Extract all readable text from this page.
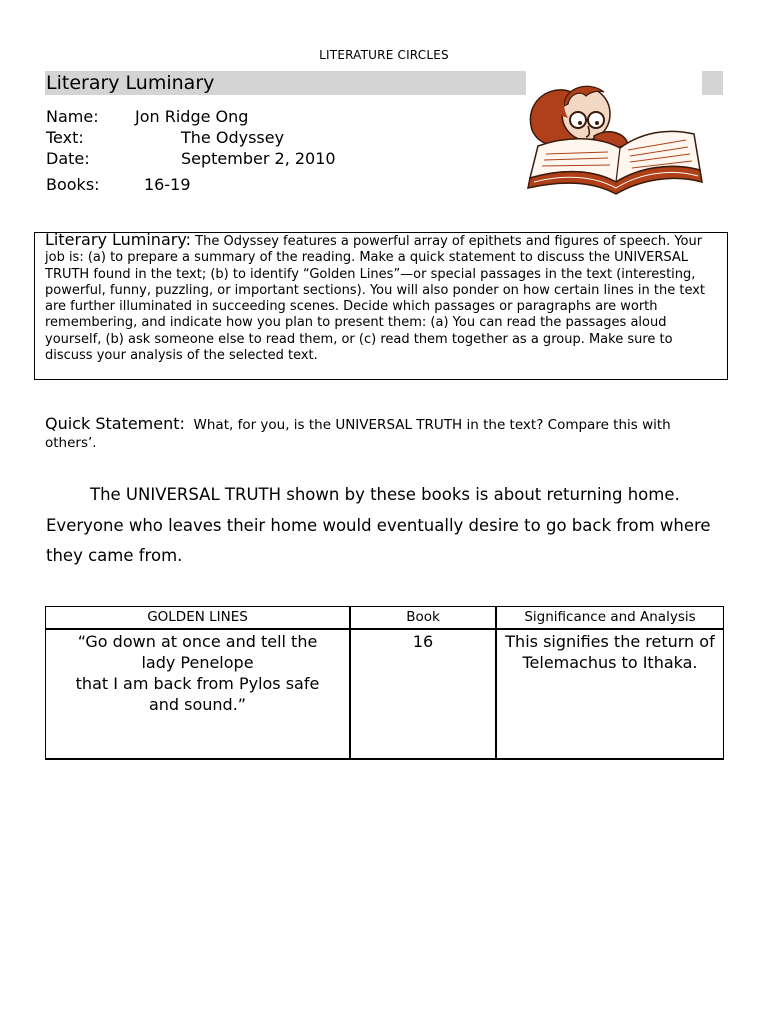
LITERATURE CIRCLES
Literary Luminary
Name: Jon Ridge Ong
Text:	The Odyssey
Date:	September 2, 2010
Books:	16-19
Literary Luminary: The Odyssey features a powerful array of epithets and figures of speech. Your job is: (a) to prepare a summary of the reading. Make a quick statement to discuss the UNIVERSAL TRUTH found in the text; (b) to identify “Golden Lines”—or special passages in the text (interesting, powerful, funny, puzzling, or important sections). You will also ponder on how certain lines in the text are further illuminated in succeeding scenes. Decide which passages or paragraphs are worth remembering, and indicate how you plan to present them: (a) You can read the passages aloud yourself, (b) ask someone else to read them, or (c) read them together as a group. Make sure to discuss your analysis of the selected text.
Quick Statement: What, for you, is the UNIVERSAL TRUTH in the text? Compare this with others’.
The UNIVERSAL TRUTH shown by these books is about returning home. Everyone who leaves their home would eventually desire to go back from where they came from.
GOLDEN LINES	Book	Significance and Analysis

“Go down at once and tell the
lady Penelope
that I am back from Pylos safe
and sound.”	16	This signifies the return of Telemachus to Ithaka.
